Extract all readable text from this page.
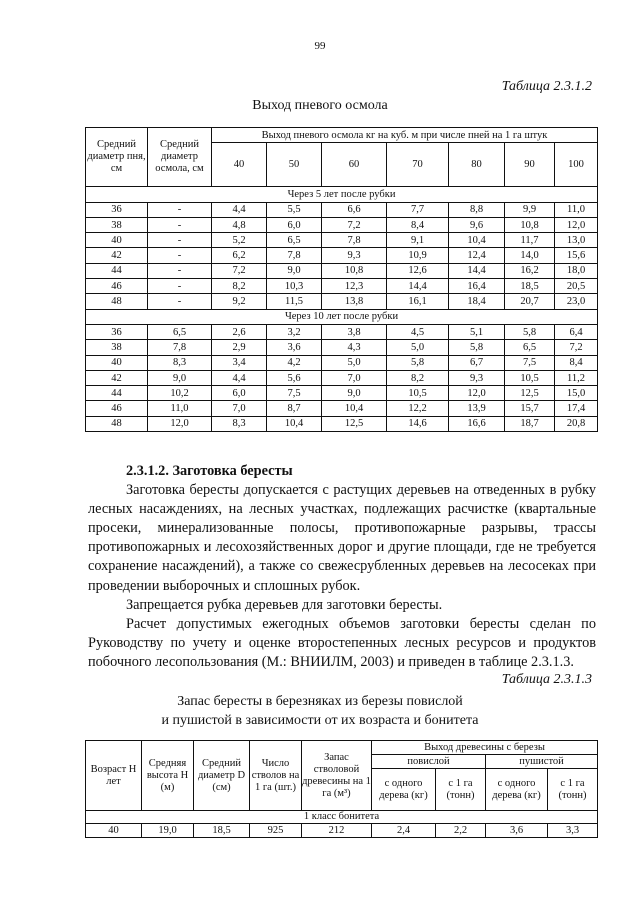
99
Таблица 2.3.1.2
Выход пневого осмола
Средний диаметр пня, см	Средний диаметр осмола, см	Выход пневого осмола кг на куб. м при числе пней на 1 га штук						
		40	50	60	70	80	90	100
Через 5 лет после рубки								
36	-	4,4	5,5	6,6	7,7	8,8	9,9	11,0
38	-	4,8	6,0	7,2	8,4	9,6	10,8	12,0
40	-	5,2	6,5	7,8	9,1	10,4	11,7	13,0
42	-	6,2	7,8	9,3	10,9	12,4	14,0	15,6
44	-	7,2	9,0	10,8	12,6	14,4	16,2	18,0
46	-	8,2	10,3	12,3	14,4	16,4	18,5	20,5
48	-	9,2	11,5	13,8	16,1	18,4	20,7	23,0
Через 10 лет после рубки								
36	6,5	2,6	3,2	3,8	4,5	5,1	5,8	6,4
38	7,8	2,9	3,6	4,3	5,0	5,8	6,5	7,2
40	8,3	3,4	4,2	5,0	5,8	6,7	7,5	8,4
42	9,0	4,4	5,6	7,0	8,2	9,3	10,5	11,2
44	10,2	6,0	7,5	9,0	10,5	12,0	12,5	15,0
46	11,0	7,0	8,7	10,4	12,2	13,9	15,7	17,4
48	12,0	8,3	10,4	12,5	14,6	16,6	18,7	20,8
2.3.1.2. Заготовка бересты

Заготовка бересты допускается с растущих деревьев на отведенных в рубку лесных насаждениях, на лесных участках, подлежащих расчистке (квартальные просеки, минерализованные полосы, противопожарные разрывы, трассы противопожарных и лесохозяйственных дорог и другие площади, где не требуется сохранение насаждений), а также со свежесрубленных деревьев на лесосеках при проведении выборочных и сплошных рубок.

Запрещается рубка деревьев для заготовки бересты.

Расчет допустимых ежегодных объемов заготовки бересты сделан по Руководству по учету и оценке второстепенных лесных ресурсов и продуктов побочного лесопользования (М.: ВНИИЛМ, 2003) и приведен в таблице 2.3.1.3.

Таблица 2.3.1.3
Запас бересты в березняках из березы повислой
и пушистой в зависимости от их возраста и бонитета
Возраст Н лет	Средняя высота Н (м)	Средний диаметр D (см)	Число стволов на 1 га (шт.)	Запас стволовой древесины на 1 га (м³)	Выход древесины с березы			
					повислой		пушистой	
					с одного дерева (кг)	с 1 га (тонн)	с одного дерева (кг)	с 1 га (тонн)
1 класс бонитета								
40	19,0	18,5	925	212	2,4	2,2	3,6	3,3
